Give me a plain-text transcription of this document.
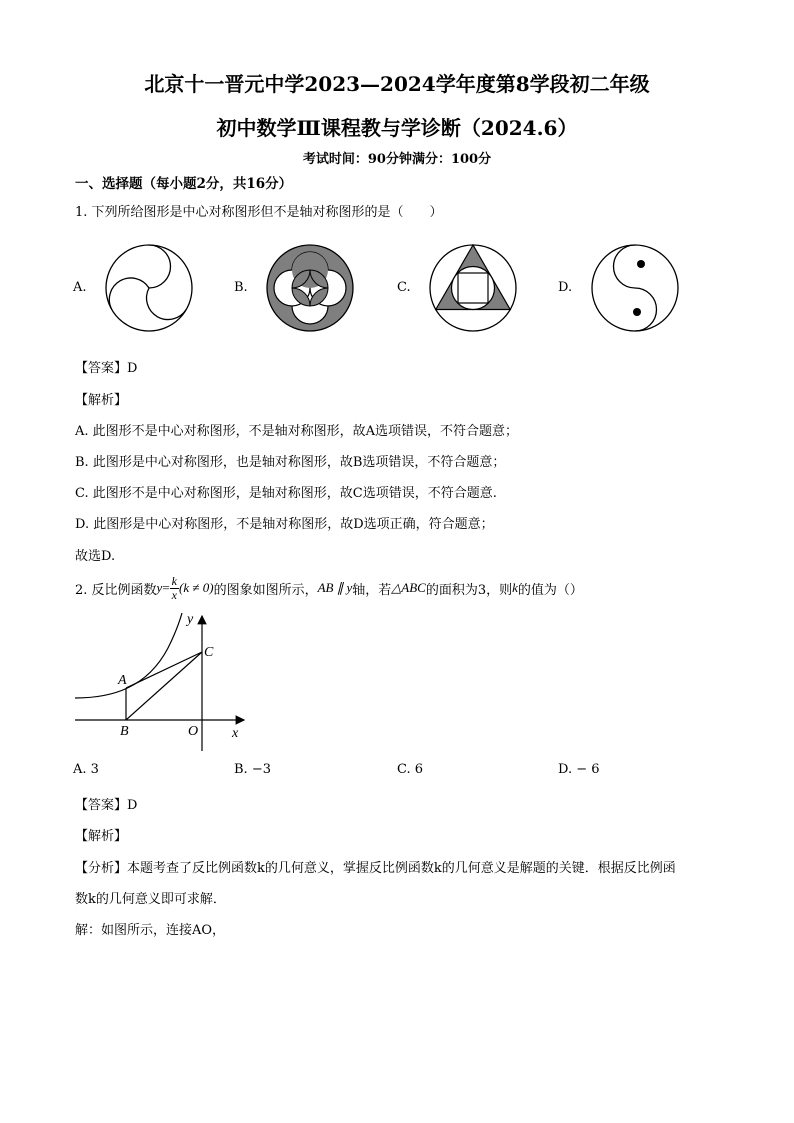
北京十一晋元中学2023—2024学年度第8学段初二年级
初中数学Ⅲ课程教与学诊断（2024.6）
考试时间：90分钟满分：100分
一、选择题（每小题2分，共16分）
1. 下列所给图形是中心对称图形但不是轴对称图形的是（　　）
A.	B.	C.	D.
【答案】D
【解析】
A. 此图形不是中心对称图形，不是轴对称图形，故A选项错误，不符合题意；
B. 此图形是中心对称图形，也是轴对称图形，故B选项错误，不符合题意；
C. 此图形不是中心对称图形，是轴对称图形，故C选项错误，不符合题意.
D. 此图形是中心对称图形，不是轴对称图形，故D选项正确，符合题意；
故选D.
2. 反比例函数 $y = \frac{k}{x} (k \ne 0)$ 的图象如图所示， AB ∥ y 轴，若 △ABC 的面积为3，则 k 的值为（）
A
B
C
O x
y
A. 3	B. −3	C. 6	D. − 6
【答案】D
【解析】
【分析】本题考查了反比例函数k的几何意义，掌握反比例函数k的几何意义是解题的关键．根据反比例函
数k的几何意义即可求解．
解：如图所示，连接AO，
